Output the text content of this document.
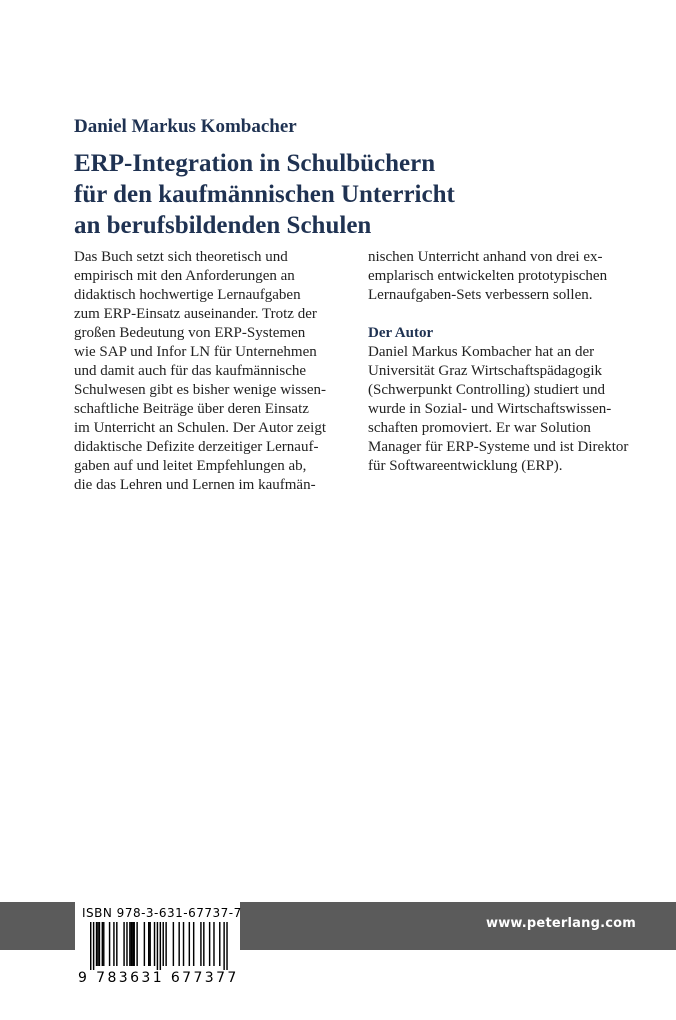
Daniel Markus Kombacher
ERP-Integration in Schulbüchern
für den kaufmännischen Unterricht
an berufsbildenden Schulen
Das Buch setzt sich theoretisch und
empirisch mit den Anforderungen an
didaktisch hochwertige Lernaufgaben
zum ERP-Einsatz auseinander. Trotz der
großen Bedeutung von ERP-Systemen
wie SAP und Infor LN für Unternehmen
und damit auch für das kaufmännische
Schulwesen gibt es bisher wenige wissen-
schaftliche Beiträge über deren Einsatz
im Unterricht an Schulen. Der Autor zeigt
didaktische Defizite derzeitiger Lernauf-
gaben auf und leitet Empfehlungen ab,
die das Lehren und Lernen im kaufmän-
nischen Unterricht anhand von drei ex-
emplarisch entwickelten prototypischen
Lernaufgaben-Sets verbessern sollen.
Der Autor
Daniel Markus Kombacher hat an der
Universität Graz Wirtschaftspädagogik
(Schwerpunkt Controlling) studiert und
wurde in Sozial- und Wirtschaftswissen-
schaften promoviert. Er war Solution
Manager für ERP-Systeme und ist Direktor
für Softwareentwicklung (ERP).
www.peterlang.com
ISBN 978-3-631-67737-7
9 783631 677377
